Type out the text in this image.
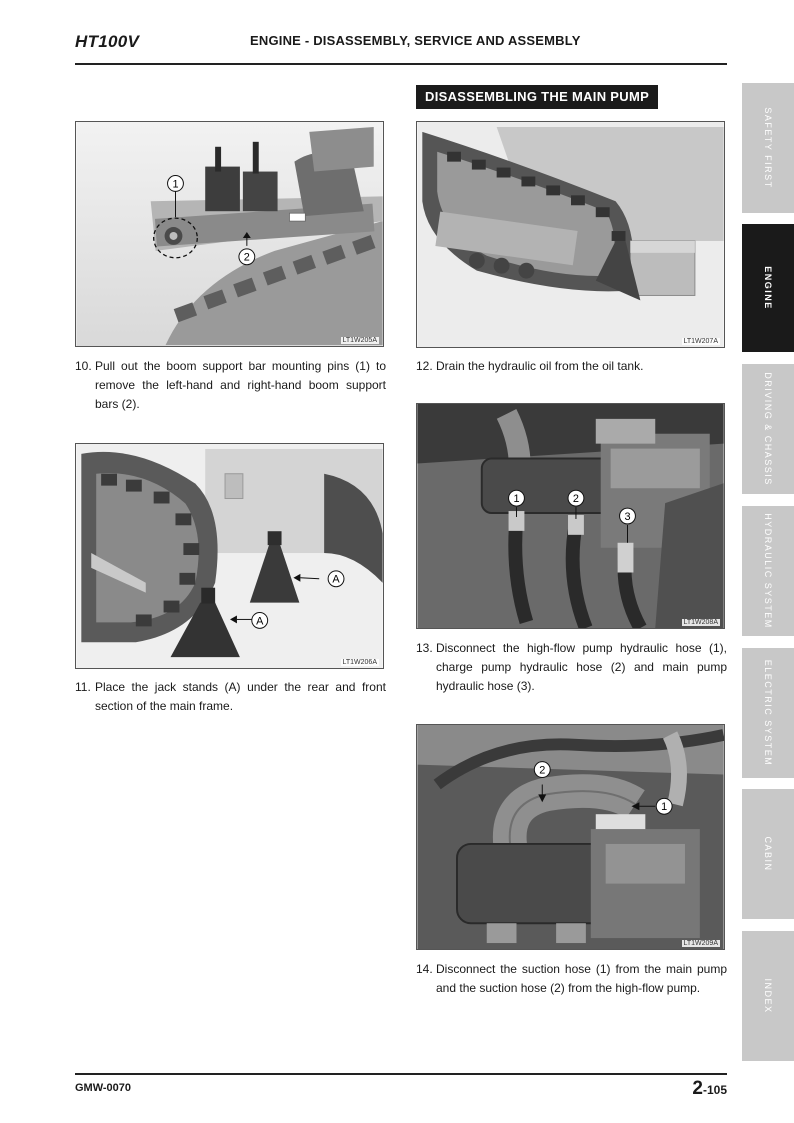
HT100V	ENGINE - DISASSEMBLY, SERVICE AND ASSEMBLY
DISASSEMBLING THE MAIN PUMP
1
2
LT1W205A
10. Pull out the boom support bar mounting pins (1) to remove the left-hand and right-hand boom support bars (2).
A
A
LT1W206A
11. Place the jack stands (A) under the rear and front section of the main frame.
LT1W207A
12. Drain the hydraulic oil from the oil tank.
1	2
3
LT1W208A
13. Disconnect the high-flow pump hydraulic hose (1), charge pump hydraulic hose (2) and main pump hydraulic hose (3).
2
1
LT1W209A
14. Disconnect the suction hose (1) from the main pump and the suction hose (2) from the high-flow pump.
SAFETY FIRST
ENGINE
DRIVING & CHASSIS
HYDRAULIC SYSTEM
ELECTRIC SYSTEM
CABIN
INDEX
GMW-0070	2-105
